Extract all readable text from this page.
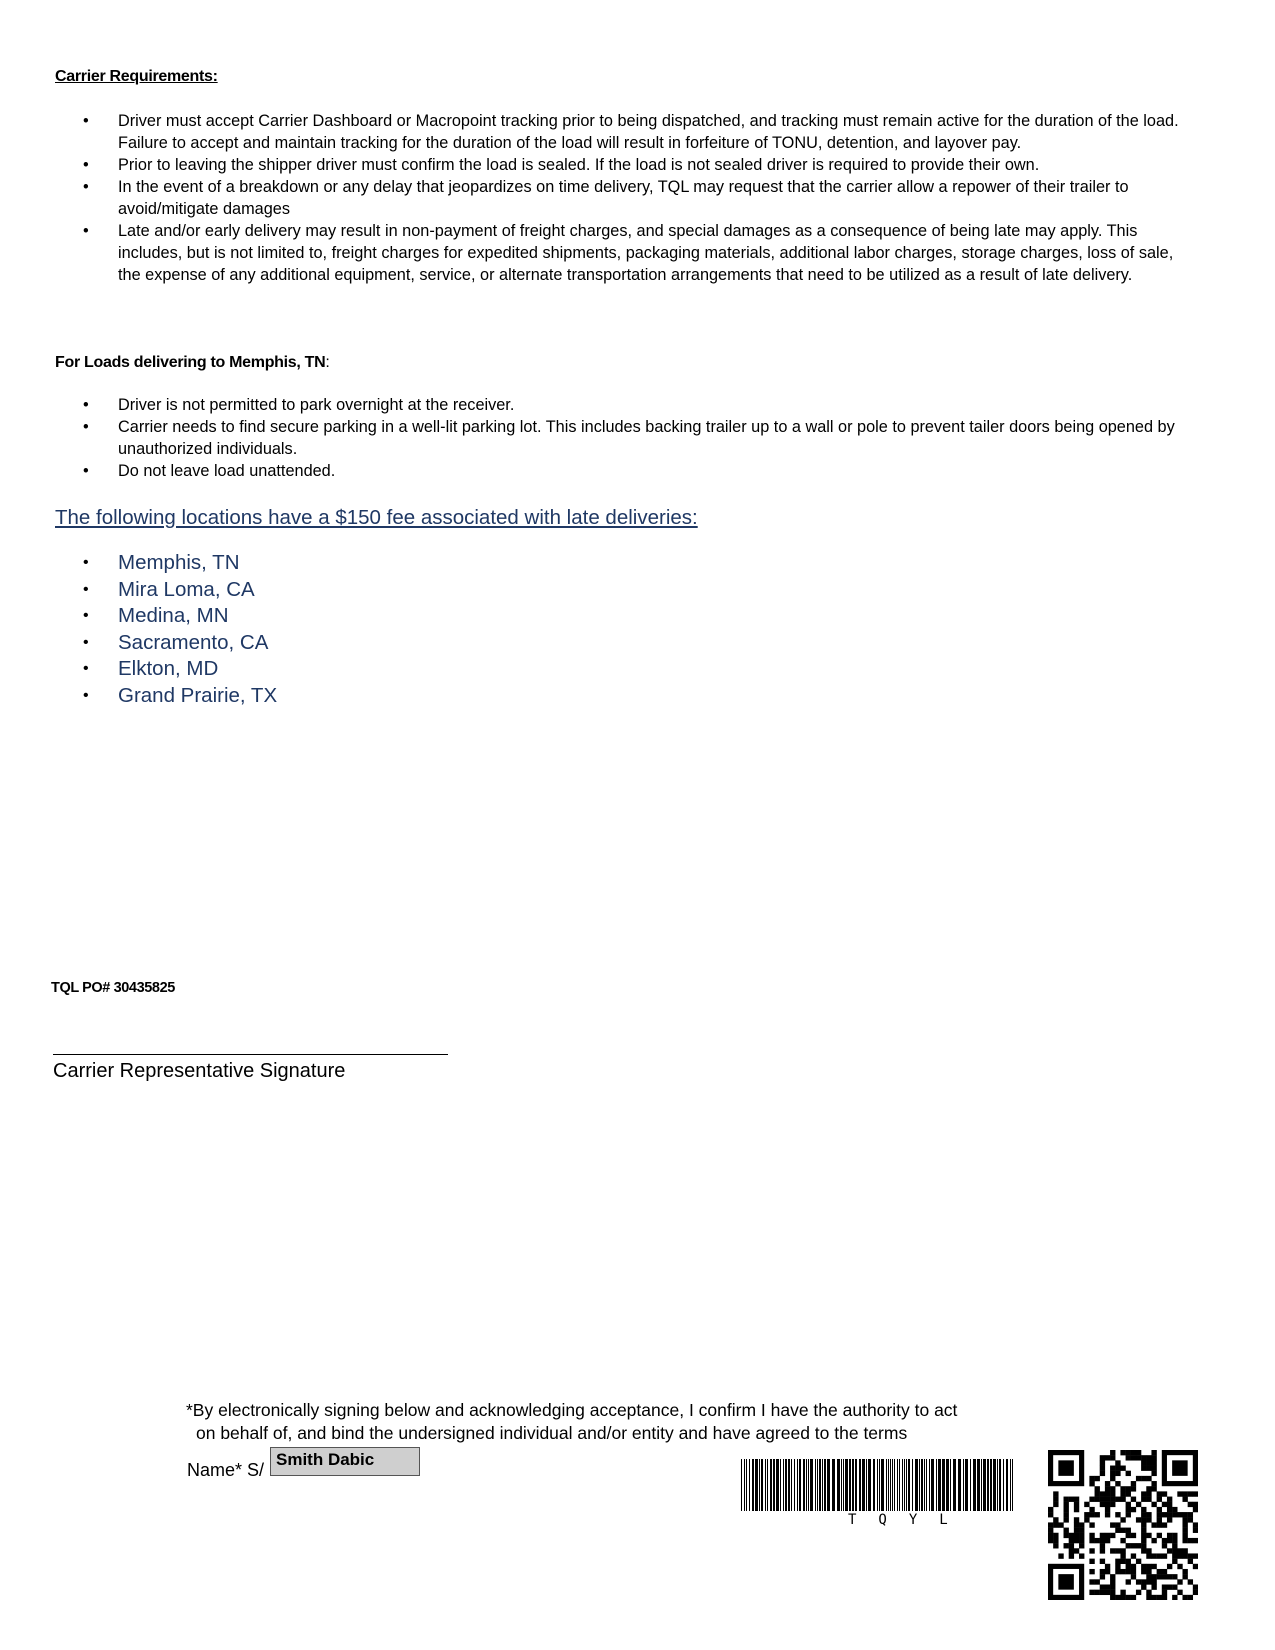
Carrier Requirements:
• Driver must accept Carrier Dashboard or Macropoint tracking prior to being dispatched, and tracking must remain active for the duration of the load. Failure to accept and maintain tracking for the duration of the load will result in forfeiture of TONU, detention, and layover pay.
• Prior to leaving the shipper driver must confirm the load is sealed. If the load is not sealed driver is required to provide their own.
• In the event of a breakdown or any delay that jeopardizes on time delivery, TQL may request that the carrier allow a repower of their trailer to avoid/mitigate damages
• Late and/or early delivery may result in non-payment of freight charges, and special damages as a consequence of being late may apply. This includes, but is not limited to, freight charges for expedited shipments, packaging materials, additional labor charges, storage charges, loss of sale, the expense of any additional equipment, service, or alternate transportation arrangements that need to be utilized as a result of late delivery.
For Loads delivering to Memphis, TN:
• Driver is not permitted to park overnight at the receiver.
• Carrier needs to find secure parking in a well-lit parking lot. This includes backing trailer up to a wall or pole to prevent tailer doors being opened by unauthorized individuals.
• Do not leave load unattended.
The following locations have a $150 fee associated with late deliveries:
• Memphis, TN
• Mira Loma, CA
• Medina, MN
• Sacramento, CA
• Elkton, MD
• Grand Prairie, TX
TQL PO# 30435825
Carrier Representative Signature
*By electronically signing below and acknowledging acceptance, I confirm I have the authority to act
on behalf of, and bind the undersigned individual and/or entity and have agreed to the terms
Name* S/
Smith Dabic
TQYL
